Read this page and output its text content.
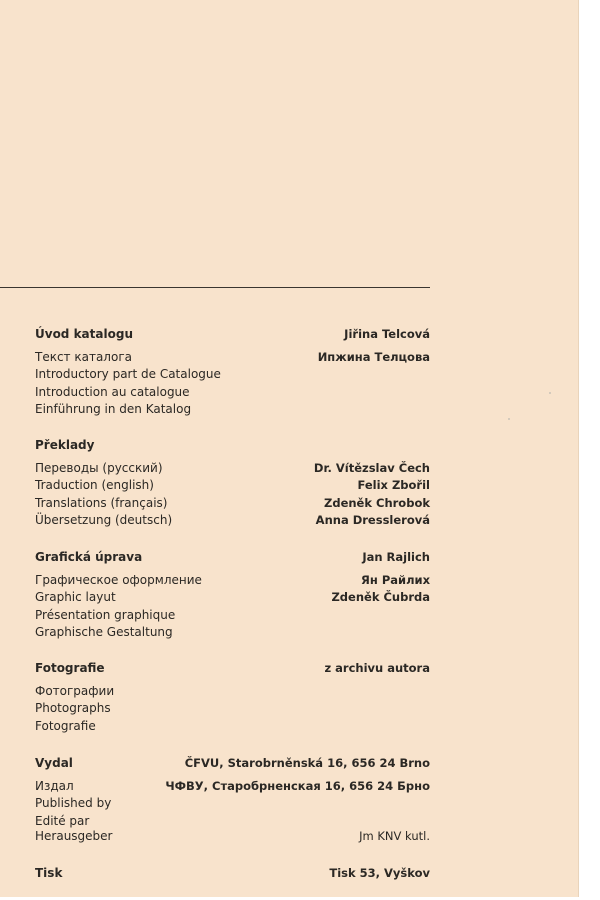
Úvod katalogu	Jiřina Telcová
Текст каталога	Ипжина Телцова
Introductory part de Catalogue
Introduction au catalogue
Einführung in den Katalog
Překlady
Переводы (русский)	Dr. Vítězslav Čech
Traduction (english)	Felix Zbořil
Translations (français)	Zdeněk Chrobok
Übersetzung (deutsch)	Anna Dresslerová
Grafická úprava	Jan Rajlich
Графическое оформление	Ян Райлих
Graphic layut	Zdeněk Čubrda
Présentation graphique
Graphische Gestaltung
Fotografie	z archivu autora
Фотографии
Photographs
Fotografie
Vydal	ČFVU, Starobrněnská 16, 656 24 Brno
Издал	ЧФВУ, Старобрненская 16, 656 24 Брно
Published by
Edité par
Herausgeber	Jm KNV kutl.
Tisk	Tisk 53, Vyškov
